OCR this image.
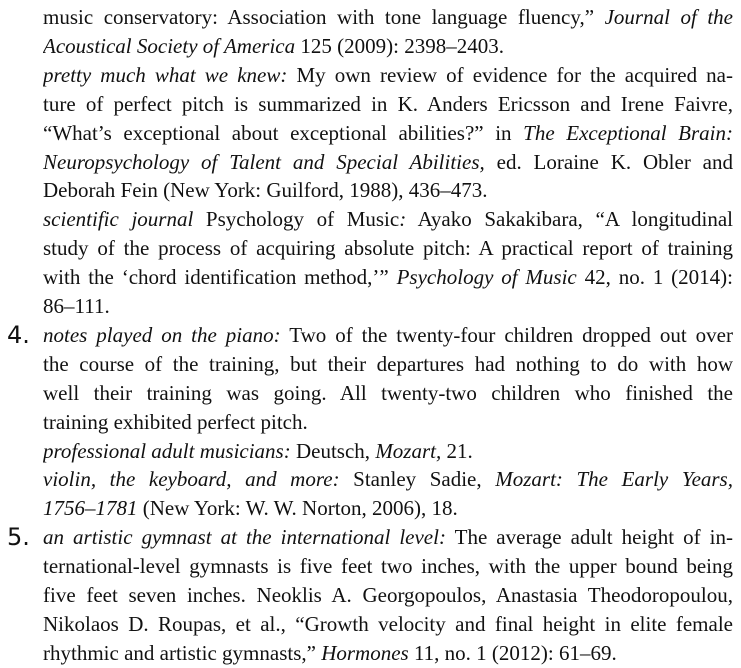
music conservatory: Association with tone language fluency,” Journal of the
Acoustical Society of America 125 (2009): 2398–2403.
pretty much what we knew: My own review of evidence for the acquired na-
ture of perfect pitch is summarized in K. Anders Ericsson and Irene Faivre,
“What’s exceptional about exceptional abilities?” in The Exceptional Brain:
Neuropsychology of Talent and Special Abilities, ed. Loraine K. Obler and
Deborah Fein (New York: Guilford, 1988), 436–473.
scientific journal Psychology of Music: Ayako Sakakibara, “A longitudinal
study of the process of acquiring absolute pitch: A practical report of training
with the ‘chord identification method,’” Psychology of Music 42, no. 1 (2014):
86–111.
4. notes played on the piano: Two of the twenty-four children dropped out over
the course of the training, but their departures had nothing to do with how
well their training was going. All twenty-two children who finished the
training exhibited perfect pitch.
professional adult musicians: Deutsch, Mozart, 21.
violin, the keyboard, and more: Stanley Sadie, Mozart: The Early Years,
1756–1781 (New York: W. W. Norton, 2006), 18.
5. an artistic gymnast at the international level: The average adult height of in-
ternational-level gymnasts is five feet two inches, with the upper bound being
five feet seven inches. Neoklis A. Georgopoulos, Anastasia Theodoropoulou,
Nikolaos D. Roupas, et al., “Growth velocity and final height in elite female
rhythmic and artistic gymnasts,” Hormones 11, no. 1 (2012): 61–69.
